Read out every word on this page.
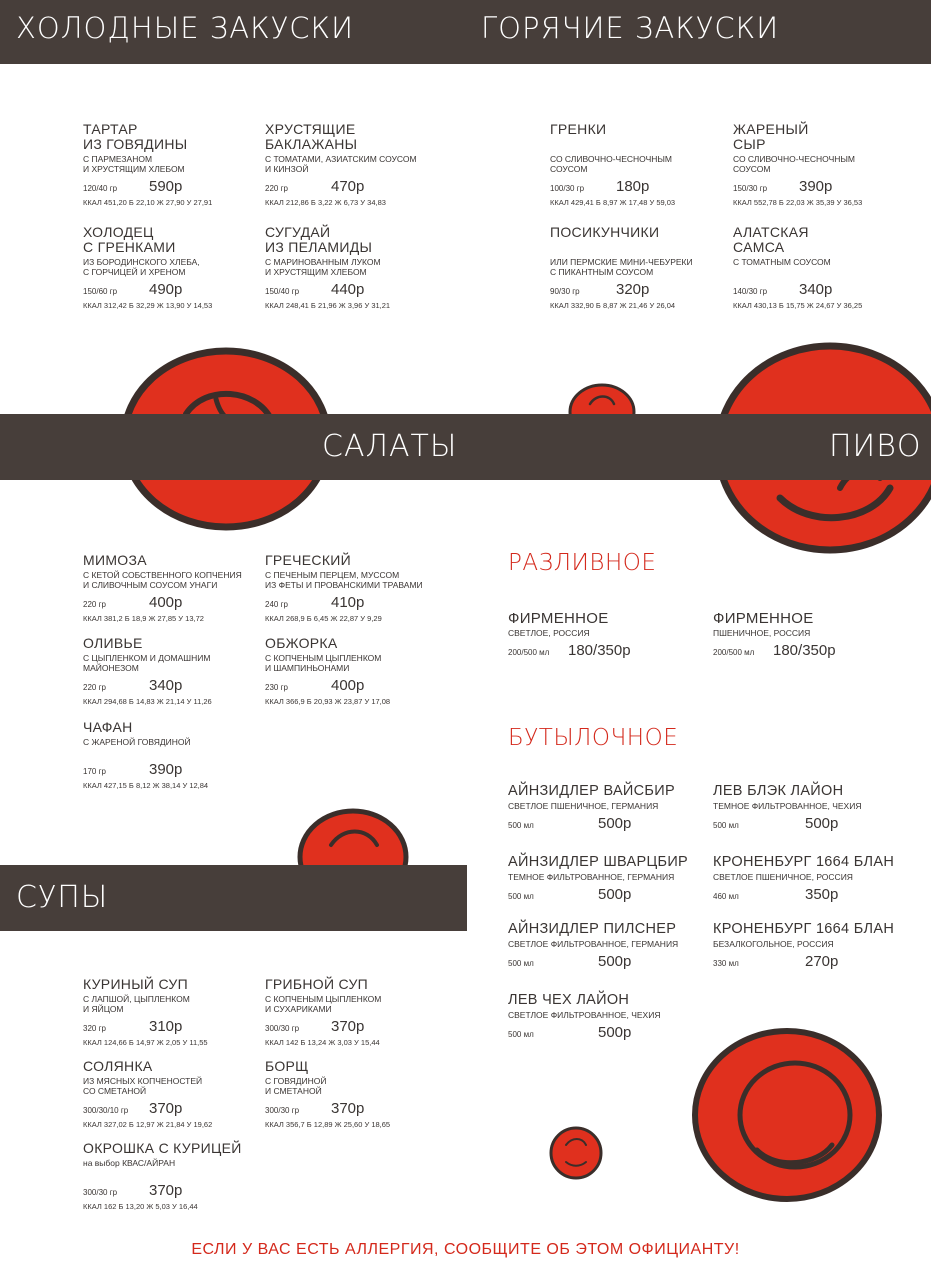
ХОЛОДНЫЕ ЗАКУСКИ	ГОРЯЧИЕ ЗАКУСКИ
САЛАТЫ	ПИВО
СУПЫ
ТАРТАР
ИЗ ГОВЯДИНЫ
С ПАРМЕЗАНОМ
И ХРУСТЯЩИМ ХЛЕБОМ
120/40 гр	590р
ККАЛ 451,20 Б 22,10 Ж 27,90 У 27,91
ХРУСТЯЩИЕ
БАКЛАЖАНЫ
С ТОМАТАМИ, АЗИАТСКИМ СОУСОМ
И КИНЗОЙ
220 гр	470р
ККАЛ 212,86 Б 3,22 Ж 6,73 У 34,83
ХОЛОДЕЦ
С ГРЕНКАМИ
ИЗ БОРОДИНСКОГО ХЛЕБА,
С ГОРЧИЦЕЙ И ХРЕНОМ
150/60 гр	490р
ККАЛ 312,42 Б 32,29 Ж 13,90 У 14,53
СУГУДАЙ
ИЗ ПЕЛАМИДЫ
С МАРИНОВАННЫМ ЛУКОМ
И ХРУСТЯЩИМ ХЛЕБОМ
150/40 гр	440р
ККАЛ 248,41 Б 21,96 Ж 3,96 У 31,21
ГРЕНКИ
СО СЛИВОЧНО-ЧЕСНОЧНЫМ
СОУСОМ
100/30 гр	180р
ККАЛ 429,41 Б 8,97 Ж 17,48 У 59,03
ЖАРЕНЫЙ
СЫР
СО СЛИВОЧНО-ЧЕСНОЧНЫМ
СОУСОМ
150/30 гр	390р
ККАЛ 552,78 Б 22,03 Ж 35,39 У 36,53
ПОСИКУНЧИКИ
ИЛИ ПЕРМСКИЕ МИНИ-ЧЕБУРЕКИ
С ПИКАНТНЫМ СОУСОМ
90/30 гр	320р
ККАЛ 332,90 Б 8,87 Ж 21,46 У 26,04
АЛАТСКАЯ
САМСА
С ТОМАТНЫМ СОУСОМ
140/30 гр	340р
ККАЛ 430,13 Б 15,75 Ж 24,67 У 36,25
МИМОЗА
С КЕТОЙ СОБСТВЕННОГО КОПЧЕНИЯ
И СЛИВОЧНЫМ СОУСОМ УНАГИ
220 гр	400р
ККАЛ 381,2 Б 18,9 Ж 27,85 У 13,72
ГРЕЧЕСКИЙ
С ПЕЧЕНЫМ ПЕРЦЕМ, МУССОМ
ИЗ ФЕТЫ И ПРОВАНСКИМИ ТРАВАМИ
240 гр	410р
ККАЛ 268,9 Б 6,45 Ж 22,87 У 9,29
ОЛИВЬЕ
С ЦЫПЛЕНКОМ И ДОМАШНИМ
МАЙОНЕЗОМ
220 гр	340р
ККАЛ 294,68 Б 14,83 Ж 21,14 У 11,26
ОБЖОРКА
С КОПЧЕНЫМ ЦЫПЛЕНКОМ
И ШАМПИНЬОНАМИ
230 гр	400р
ККАЛ 366,9 Б 20,93 Ж 23,87 У 17,08
ЧАФАН
С ЖАРЕНОЙ ГОВЯДИНОЙ
170 гр	390р
ККАЛ 427,15 Б 8,12 Ж 38,14 У 12,84
КУРИНЫЙ СУП
С ЛАПШОЙ, ЦЫПЛЕНКОМ
И ЯЙЦОМ
320 гр	310р
ККАЛ 124,66 Б 14,97 Ж 2,05 У 11,55
ГРИБНОЙ СУП
С КОПЧЕНЫМ ЦЫПЛЕНКОМ
И СУХАРИКАМИ
300/30 гр	370р
ККАЛ 142 Б 13,24 Ж 3,03 У 15,44
СОЛЯНКА
ИЗ МЯСНЫХ КОПЧЕНОСТЕЙ
СО СМЕТАНОЙ
300/30/10 гр	370р
ККАЛ 327,02 Б 12,97 Ж 21,84 У 19,62
БОРЩ
С ГОВЯДИНОЙ
И СМЕТАНОЙ
300/30 гр	370р
ККАЛ 356,7 Б 12,89 Ж 25,60 У 18,65
ОКРОШКА С КУРИЦЕЙ
на выбор КВАС/АЙРАН
300/30 гр	370р
ККАЛ 162 Б 13,20 Ж 5,03 У 16,44
РАЗЛИВНОЕ
ФИРМЕННОЕ
СВЕТЛОЕ, РОССИЯ
200/500 мл	180/350р
ФИРМЕННОЕ
ПШЕНИЧНОЕ, РОССИЯ
200/500 мл	180/350р
БУТЫЛОЧНОЕ
АЙНЗИДЛЕР ВАЙСБИР
СВЕТЛОЕ ПШЕНИЧНОЕ, ГЕРМАНИЯ
500 мл	500р
ЛЕВ БЛЭК ЛАЙОН
ТЕМНОЕ ФИЛЬТРОВАННОЕ, ЧЕХИЯ
500 мл	500р
АЙНЗИДЛЕР ШВАРЦБИР
ТЕМНОЕ ФИЛЬТРОВАННОЕ, ГЕРМАНИЯ
500 мл	500р
КРОНЕНБУРГ 1664 БЛАН
СВЕТЛОЕ ПШЕНИЧНОЕ, РОССИЯ
460 мл	350р
АЙНЗИДЛЕР ПИЛСНЕР
СВЕТЛОЕ ФИЛЬТРОВАННОЕ, ГЕРМАНИЯ
500 мл	500р
КРОНЕНБУРГ 1664 БЛАН
БЕЗАЛКОГОЛЬНОЕ, РОССИЯ
330 мл	270р
ЛЕВ ЧЕХ ЛАЙОН
СВЕТЛОЕ ФИЛЬТРОВАННОЕ, ЧЕХИЯ
500 мл	500р
ЕСЛИ У ВАС ЕСТЬ АЛЛЕРГИЯ, СООБЩИТЕ ОБ ЭТОМ ОФИЦИАНТУ!
